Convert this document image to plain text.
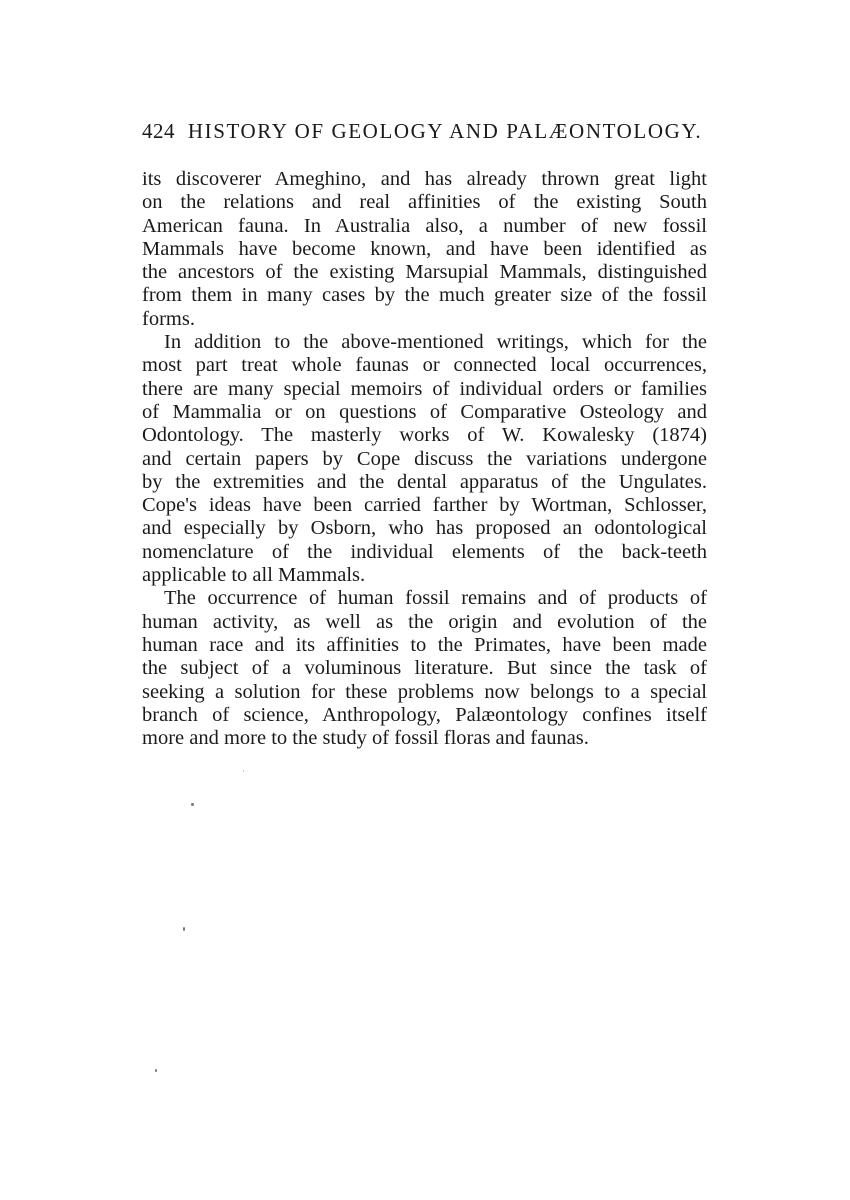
424 HISTORY OF GEOLOGY AND PALÆONTOLOGY.
its discoverer Ameghino, and has already thrown great light
on the relations and real affinities of the existing South
American fauna. In Australia also, a number of new fossil
Mammals have become known, and have been identified as
the ancestors of the existing Marsupial Mammals, distinguished
from them in many cases by the much greater size of the fossil
forms.
In addition to the above-mentioned writings, which for the
most part treat whole faunas or connected local occurrences,
there are many special memoirs of individual orders or families
of Mammalia or on questions of Comparative Osteology and
Odontology. The masterly works of W. Kowalesky (1874)
and certain papers by Cope discuss the variations undergone
by the extremities and the dental apparatus of the Ungulates.
Cope's ideas have been carried farther by Wortman, Schlosser,
and especially by Osborn, who has proposed an odontological
nomenclature of the individual elements of the back-teeth
applicable to all Mammals.
The occurrence of human fossil remains and of products of
human activity, as well as the origin and evolution of the
human race and its affinities to the Primates, have been made
the subject of a voluminous literature. But since the task of
seeking a solution for these problems now belongs to a special
branch of science, Anthropology, Palæontology confines itself
more and more to the study of fossil floras and faunas.
